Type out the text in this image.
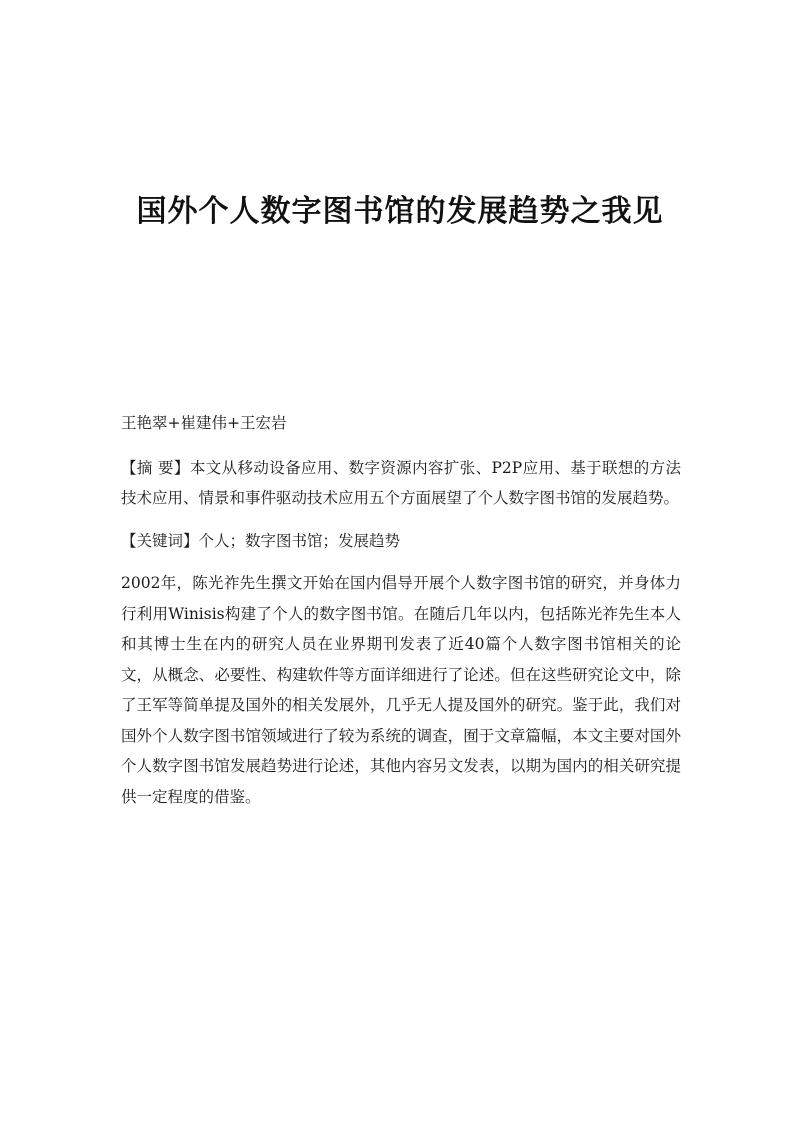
国外个人数字图书馆的发展趋势之我见

王艳翠+崔建伟+王宏岩

【摘 要】本文从移动设备应用、数字资源内容扩张、P2P应用、基于联想的方法技术应用、情景和事件驱动技术应用五个方面展望了个人数字图书馆的发展趋势。

【关键词】个人；数字图书馆；发展趋势

2002年，陈光祚先生撰文开始在国内倡导开展个人数字图书馆的研究，并身体力行利用Winisis构建了个人的数字图书馆。在随后几年以内，包括陈光祚先生本人和其博士生在内的研究人员在业界期刊发表了近40篇个人数字图书馆相关的论文，从概念、必要性、构建软件等方面详细进行了论述。但在这些研究论文中，除了王军等简单提及国外的相关发展外，几乎无人提及国外的研究。鉴于此，我们对国外个人数字图书馆领域进行了较为系统的调查，囿于文章篇幅，本文主要对国外个人数字图书馆发展趋势进行论述，其他内容另文发表，以期为国内的相关研究提供一定程度的借鉴。
